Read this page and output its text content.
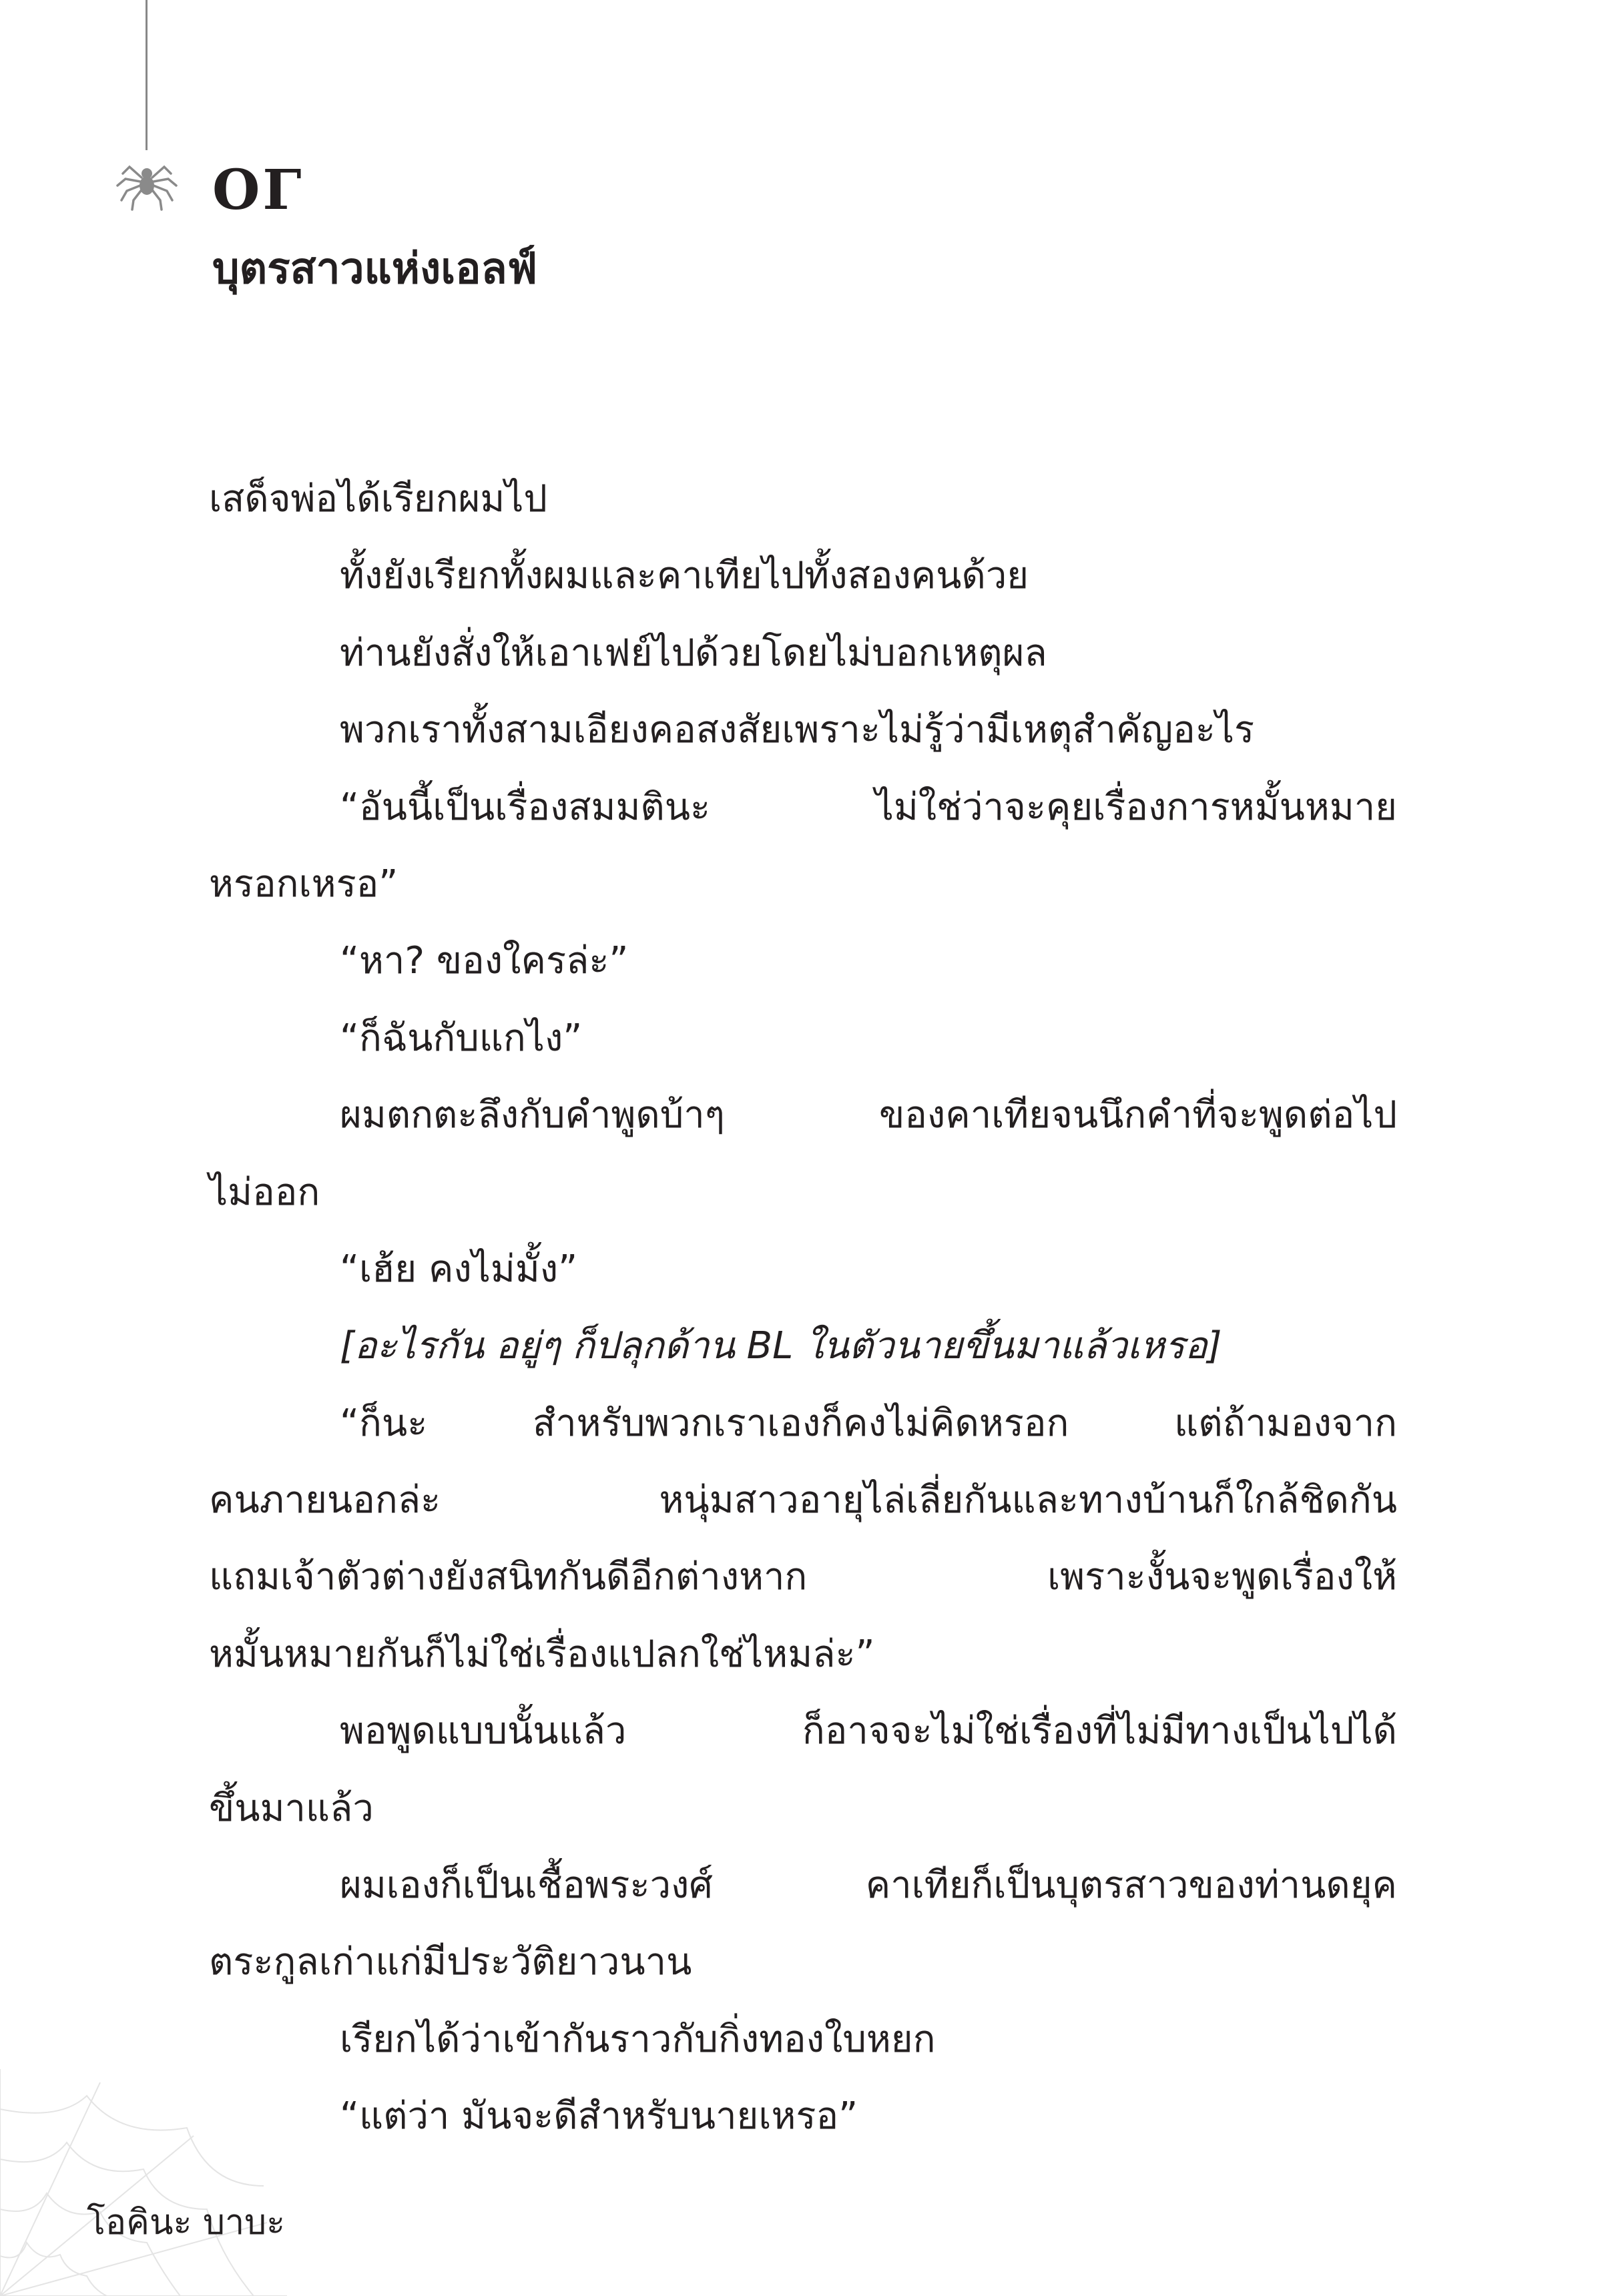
ΟΓ
บุตรสาวแห่งเอลฟ์
เสด็จพ่อได้เรียกผมไป
ทั้งยังเรียกทั้งผมและคาเทียไปทั้งสองคนด้วย
ท่านยังสั่งให้เอาเฟย์ไปด้วยโดยไม่บอกเหตุผล
พวกเราทั้งสามเอียงคอสงสัยเพราะไม่รู้ว่ามีเหตุสำคัญอะไร
“อันนี้เป็นเรื่องสมมตินะ ไม่ใช่ว่าจะคุยเรื่องการหมั้นหมาย
หรอกเหรอ”
“หา? ของใครล่ะ”
“ก็ฉันกับแกไง”
ผมตกตะลึงกับคำพูดบ้าๆ ของคาเทียจนนึกคำที่จะพูดต่อไป
ไม่ออก
“เฮ้ย คงไม่มั้ง”
[อะไรกัน อยู่ๆ ก็ปลุกด้าน BL ในตัวนายขึ้นมาแล้วเหรอ]
“ก็นะ สำหรับพวกเราเองก็คงไม่คิดหรอก แต่ถ้ามองจาก
คนภายนอกล่ะ หนุ่มสาวอายุไล่เลี่ยกันและทางบ้านก็ใกล้ชิดกัน
แถมเจ้าตัวต่างยังสนิทกันดีอีกต่างหาก เพราะงั้นจะพูดเรื่องให้
หมั้นหมายกันก็ไม่ใช่เรื่องแปลกใช่ไหมล่ะ”
พอพูดแบบนั้นแล้ว ก็อาจจะไม่ใช่เรื่องที่ไม่มีทางเป็นไปได้
ขึ้นมาแล้ว
ผมเองก็เป็นเชื้อพระวงศ์ คาเทียก็เป็นบุตรสาวของท่านดยุค
ตระกูลเก่าแก่มีประวัติยาวนาน
เรียกได้ว่าเข้ากันราวกับกิ่งทองใบหยก
“แต่ว่า มันจะดีสำหรับนายเหรอ”
โอคินะ บาบะ
